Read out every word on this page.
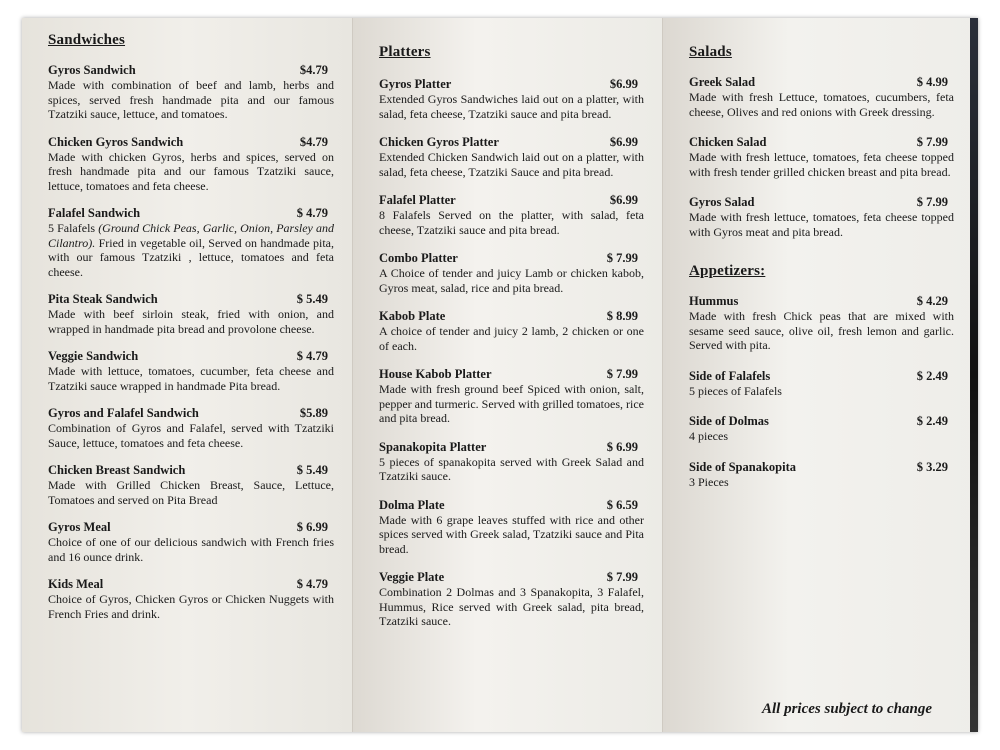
Sandwiches
Gyros Sandwich	$4.79

Made with combination of beef and lamb, herbs and spices, served fresh handmade pita and our famous Tzatziki sauce, lettuce, and tomatoes.

Chicken Gyros Sandwich	$4.79

Made with chicken Gyros, herbs and spices, served on fresh handmade pita and our famous Tzatziki sauce, lettuce, tomatoes and feta cheese.

Falafel Sandwich	$ 4.79

5 Falafels (Ground Chick Peas, Garlic, Onion, Parsley and Cilantro). Fried in vegetable oil, Served on handmade pita, with our famous Tzatziki , lettuce, tomatoes and feta cheese.

Pita Steak Sandwich	$ 5.49

Made with beef sirloin steak, fried with onion, and wrapped in handmade pita bread and provolone cheese.

Veggie Sandwich	$ 4.79

Made with lettuce, tomatoes, cucumber, feta cheese and Tzatziki sauce wrapped in handmade Pita bread.

Gyros and Falafel Sandwich	$5.89

Combination of Gyros and Falafel, served with Tzatziki Sauce, lettuce, tomatoes and feta cheese.

Chicken Breast Sandwich	$ 5.49

Made with Grilled Chicken Breast, Sauce, Lettuce, Tomatoes and served on Pita Bread

Gyros Meal	$ 6.99

Choice of one of our delicious sandwich with French fries and 16 ounce drink.

Kids Meal	$ 4.79

Choice of Gyros, Chicken Gyros or Chicken Nuggets with French Fries and drink.

Platters
Gyros Platter	$6.99

Extended Gyros Sandwiches laid out on a platter, with salad, feta cheese, Tzatziki sauce and pita bread.

Chicken Gyros Platter	$6.99

Extended Chicken Sandwich laid out on a platter, with salad, feta cheese, Tzatziki Sauce and pita bread.

Falafel Platter	$6.99

8 Falafels Served on the platter, with salad, feta cheese, Tzatziki sauce and pita bread.

Combo Platter	$ 7.99

A Choice of tender and juicy Lamb or chicken kabob, Gyros meat, salad, rice and pita bread.

Kabob Plate	$ 8.99

A choice of tender and juicy 2 lamb, 2 chicken or one of each.

House Kabob Platter	$ 7.99

Made with fresh ground beef Spiced with onion, salt, pepper and turmeric. Served with grilled tomatoes, rice and pita bread.

Spanakopita Platter	$ 6.99

5 pieces of spanakopita served with Greek Salad and Tzatziki sauce.

Dolma Plate	$ 6.59

Made with 6 grape leaves stuffed with rice and other spices served with Greek salad, Tzatziki sauce and Pita bread.

Veggie Plate	$ 7.99

Combination 2 Dolmas and 3 Spanakopita, 3 Falafel, Hummus, Rice served with Greek salad, pita bread, Tzatziki sauce.

Salads
Greek Salad	$ 4.99

Made with fresh Lettuce, tomatoes, cucumbers, feta cheese, Olives and red onions with Greek dressing.

Chicken Salad	$ 7.99

Made with fresh lettuce, tomatoes, feta cheese topped with fresh tender grilled chicken breast and pita bread.

Gyros Salad	$ 7.99

Made with fresh lettuce, tomatoes, feta cheese topped with Gyros meat and pita bread.

Appetizers:
Hummus	$ 4.29

Made with fresh Chick peas that are mixed with sesame seed sauce, olive oil, fresh lemon and garlic. Served with pita.

Side of Falafels	$ 2.49

5 pieces of Falafels

Side of Dolmas	$ 2.49

4 pieces

Side of Spanakopita	$ 3.29

3 Pieces

All prices subject to change
